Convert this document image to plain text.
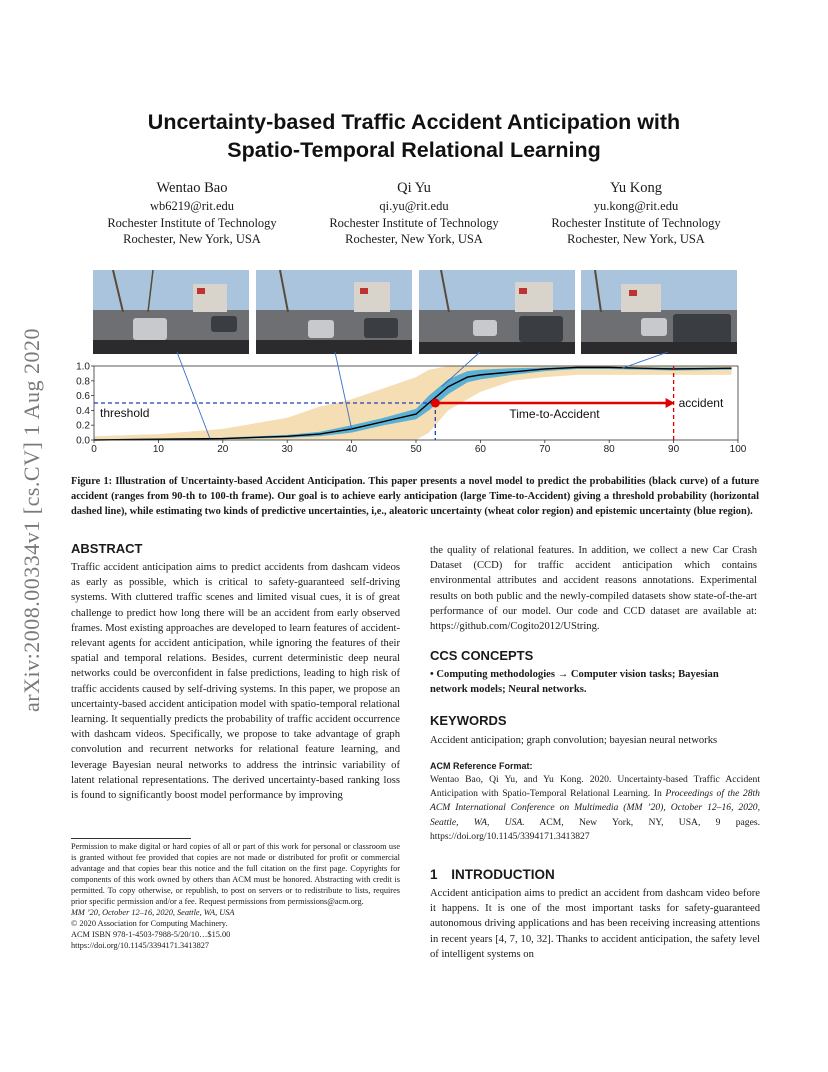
arXiv:2008.00334v1 [cs.CV] 1 Aug 2020
Uncertainty-based Traffic Accident Anticipation with
Spatio-Temporal Relational Learning
Wentao Bao
wb6219@rit.edu
Rochester Institute of Technology
Rochester, New York, USA
Qi Yu
qi.yu@rit.edu
Rochester Institute of Technology
Rochester, New York, USA
Yu Kong
yu.kong@rit.edu
Rochester Institute of Technology
Rochester, New York, USA
0	10	20	30	40	50	60	70	80	90	100
0.0
0.2
0.4
0.6
0.8
1.0
threshold	Time-to-Accident
accident
Figure 1: Illustration of Uncertainty-based Accident Anticipation. This paper presents a novel model to predict the probabilities (black curve) of a future accident (ranges from 90-th to 100-th frame). Our goal is to achieve early anticipation (large Time-to-Accident) giving a threshold probability (horizontal dashed line), while estimating two kinds of predictive uncertainties, i,e., aleatoric uncertainty (wheat color region) and epistemic uncertainty (blue region).
ABSTRACT
Traffic accident anticipation aims to predict accidents from dashcam videos as early as possible, which is critical to safety-guaranteed self-driving systems. With cluttered traffic scenes and limited visual cues, it is of great challenge to predict how long there will be an accident from early observed frames. Most existing approaches are developed to learn features of accident-relevant agents for accident anticipation, while ignoring the features of their spatial and temporal relations. Besides, current deterministic deep neural networks could be overconfident in false predictions, leading to high risk of traffic accidents caused by self-driving systems. In this paper, we propose an uncertainty-based accident anticipation model with spatio-temporal relational learning. It sequentially predicts the probability of traffic accident occurrence with dashcam videos. Specifically, we propose to take advantage of graph convolution and recurrent networks for relational feature learning, and leverage Bayesian neural networks to address the intrinsic variability of latent relational representations. The derived uncertainty-based ranking loss is found to significantly boost model performance by improving
Permission to make digital or hard copies of all or part of this work for personal or classroom use is granted without fee provided that copies are not made or distributed for profit or commercial advantage and that copies bear this notice and the full citation on the first page. Copyrights for components of this work owned by others than ACM must be honored. Abstracting with credit is permitted. To copy otherwise, or republish, to post on servers or to redistribute to lists, requires prior specific permission and/or a fee. Request permissions from permissions@acm.org.
MM ’20, October 12–16, 2020, Seattle, WA, USA
© 2020 Association for Computing Machinery.
ACM ISBN 978-1-4503-7988-5/20/10…$15.00
https://doi.org/10.1145/3394171.3413827
the quality of relational features. In addition, we collect a new Car Crash Dataset (CCD) for traffic accident anticipation which contains environmental attributes and accident reasons annotations. Experimental results on both public and the newly-compiled datasets show state-of-the-art performance of our model. Our code and CCD dataset are available at: https://github.com/Cogito2012/UString.
CCS CONCEPTS
• Computing methodologies → Computer vision tasks; Bayesian
network models; Neural networks.
KEYWORDS
Accident anticipation; graph convolution; bayesian neural networks
ACM Reference Format:
Wentao Bao, Qi Yu, and Yu Kong. 2020. Uncertainty-based Traffic Accident Anticipation with Spatio-Temporal Relational Learning. In Proceedings of the 28th ACM International Conference on Multimedia (MM ’20), October 12–16, 2020, Seattle, WA, USA. ACM, New York, NY, USA, 9 pages. https://doi.org/10.1145/3394171.3413827
1 INTRODUCTION
Accident anticipation aims to predict an accident from dashcam video before it happens. It is one of the most important tasks for safety-guaranteed autonomous driving applications and has been receiving increasing attentions in recent years [4, 7, 10, 32]. Thanks to accident anticipation, the safety level of intelligent systems on
